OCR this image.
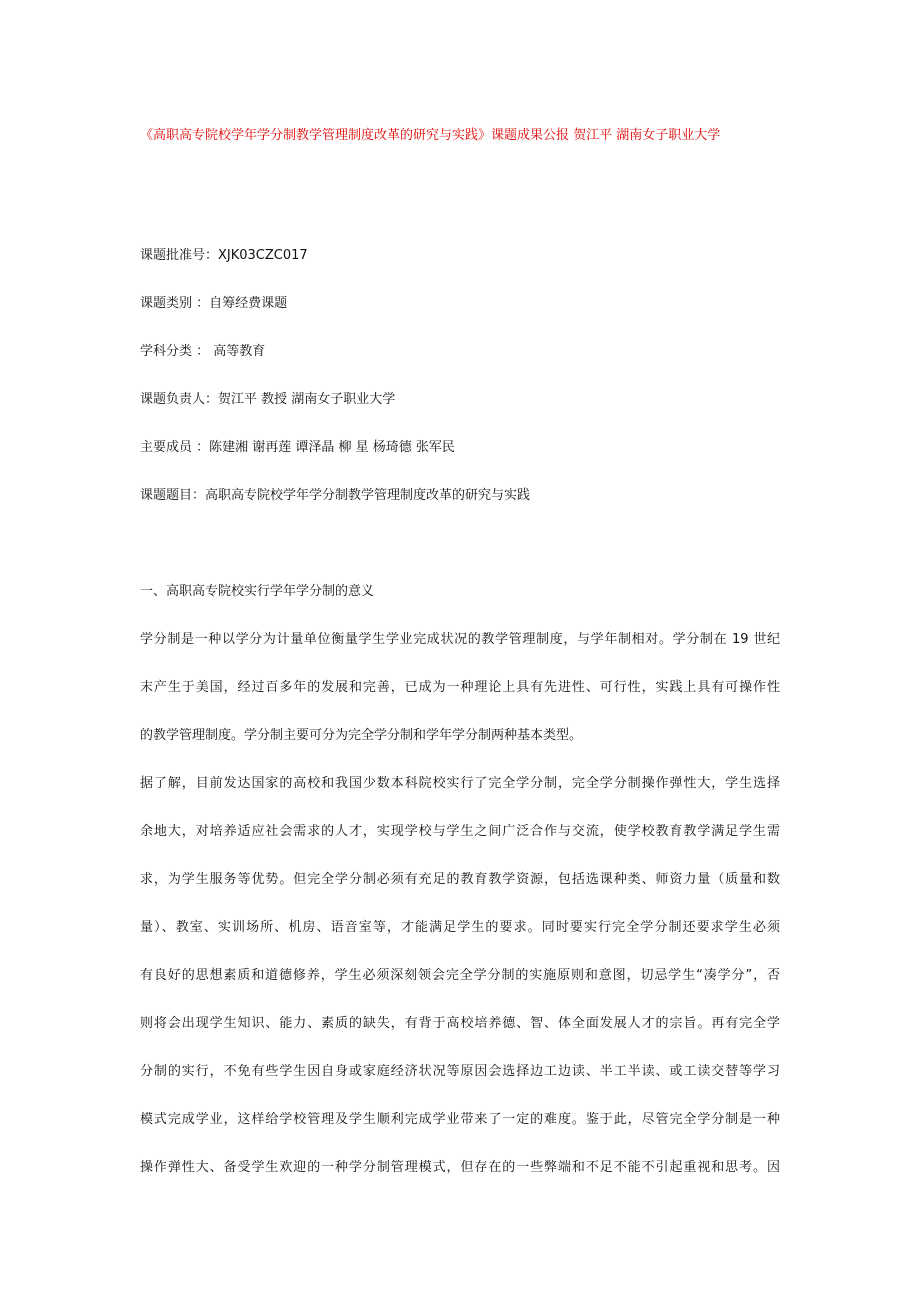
《高职高专院校学年学分制教学管理制度改革的研究与实践》课题成果公报 贺江平 湖南女子职业大学
课题批准号：XJK03CZC017
课题类别 ：自筹经费课题
学科分类 ： 高等教育
课题负责人：贺江平 教授 湖南女子职业大学
主要成员 ：陈建湘 谢再莲 谭泽晶 柳 星 杨琦德 张军民
课题题目：高职高专院校学年学分制教学管理制度改革的研究与实践
一、高职高专院校实行学年学分制的意义
学分制是一种以学分为计量单位衡量学生学业完成状况的教学管理制度，与学年制相对。学分制在 19 世纪
末产生于美国，经过百多年的发展和完善，已成为一种理论上具有先进性、可行性，实践上具有可操作性
的教学管理制度。学分制主要可分为完全学分制和学年学分制两种基本类型。
据了解，目前发达国家的高校和我国少数本科院校实行了完全学分制，完全学分制操作弹性大，学生选择
余地大，对培养适应社会需求的人才，实现学校与学生之间广泛合作与交流，使学校教育教学满足学生需
求，为学生服务等优势。但完全学分制必须有充足的教育教学资源，包括选课种类、师资力量（质量和数
量）、教室、实训场所、机房、语音室等，才能满足学生的要求。同时要实行完全学分制还要求学生必须
有良好的思想素质和道德修养，学生必须深刻领会完全学分制的实施原则和意图，切忌学生“凑学分”，否
则将会出现学生知识、能力、素质的缺失，有背于高校培养德、智、体全面发展人才的宗旨。再有完全学
分制的实行，不免有些学生因自身或家庭经济状况等原因会选择边工边读、半工半读、或工读交替等学习
模式完成学业，这样给学校管理及学生顺利完成学业带来了一定的难度。鉴于此，尽管完全学分制是一种
操作弹性大、备受学生欢迎的一种学分制管理模式，但存在的一些弊端和不足不能不引起重视和思考。因
